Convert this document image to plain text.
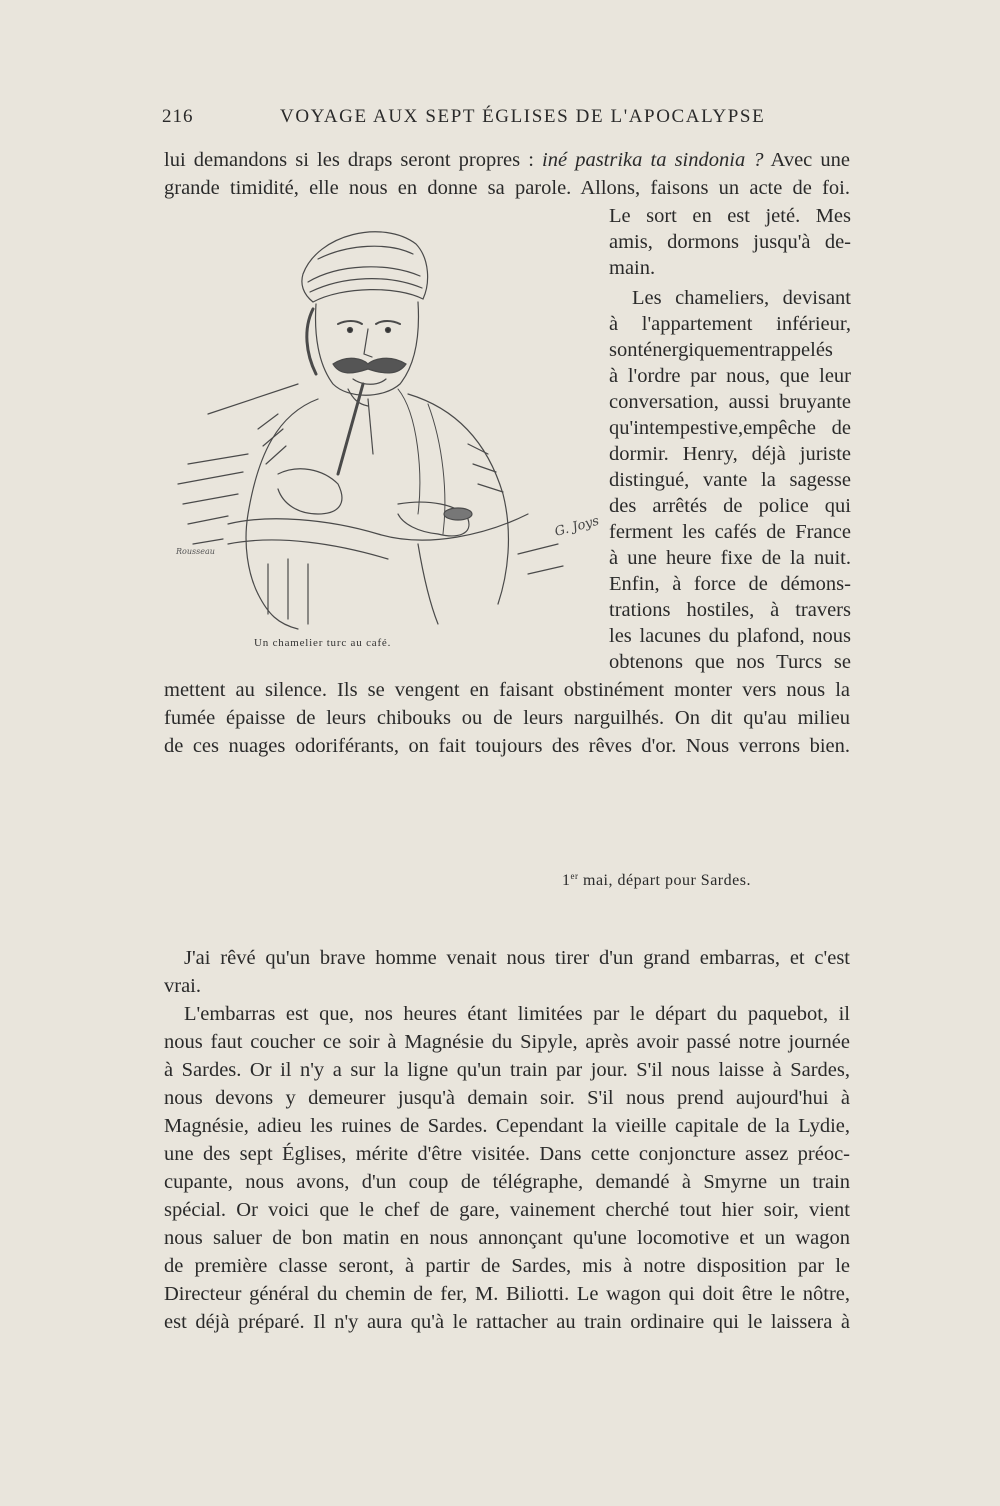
216	VOYAGE AUX SEPT ÉGLISES DE L'APOCALYPSE
lui demandons si les draps seront propres : iné pastrika ta sindonia ? Avec une
grande timidité, elle nous en donne sa parole. Allons, faisons un acte de foi.
Le sort en est jeté. Mes
amis, dormons jusqu'à de-
main.
Les chameliers, devisant
à l'appartement inférieur,
sonténergiquementrappelés
à l'ordre par nous, que leur
conversation, aussi bruyante
qu'intempestive,empêche de
dormir. Henry, déjà juriste
distingué, vante la sagesse
des arrêtés de police qui
ferment les cafés de France
à une heure fixe de la nuit.
Enfin, à force de démons-
trations hostiles, à travers
les lacunes du plafond, nous
obtenons que nos Turcs se
mettent au silence. Ils se vengent en faisant obstinément monter vers nous la
fumée épaisse de leurs chibouks ou de leurs narguilhés. On dit qu'au milieu
de ces nuages odoriférants, on fait toujours des rêves d'or. Nous verrons bien.
Rousseau
G. Joys
Un chamelier turc au café.
1er mai, départ pour Sardes.
J'ai rêvé qu'un brave homme venait nous tirer d'un grand embarras, et c'est
vrai.
L'embarras est que, nos heures étant limitées par le départ du paquebot, il
nous faut coucher ce soir à Magnésie du Sipyle, après avoir passé notre journée
à Sardes. Or il n'y a sur la ligne qu'un train par jour. S'il nous laisse à Sardes,
nous devons y demeurer jusqu'à demain soir. S'il nous prend aujourd'hui à
Magnésie, adieu les ruines de Sardes. Cependant la vieille capitale de la Lydie,
une des sept Églises, mérite d'être visitée. Dans cette conjoncture assez préoc-
cupante, nous avons, d'un coup de télégraphe, demandé à Smyrne un train
spécial. Or voici que le chef de gare, vainement cherché tout hier soir, vient
nous saluer de bon matin en nous annonçant qu'une locomotive et un wagon
de première classe seront, à partir de Sardes, mis à notre disposition par le
Directeur général du chemin de fer, M. Biliotti. Le wagon qui doit être le nôtre,
est déjà préparé. Il n'y aura qu'à le rattacher au train ordinaire qui le laissera à
